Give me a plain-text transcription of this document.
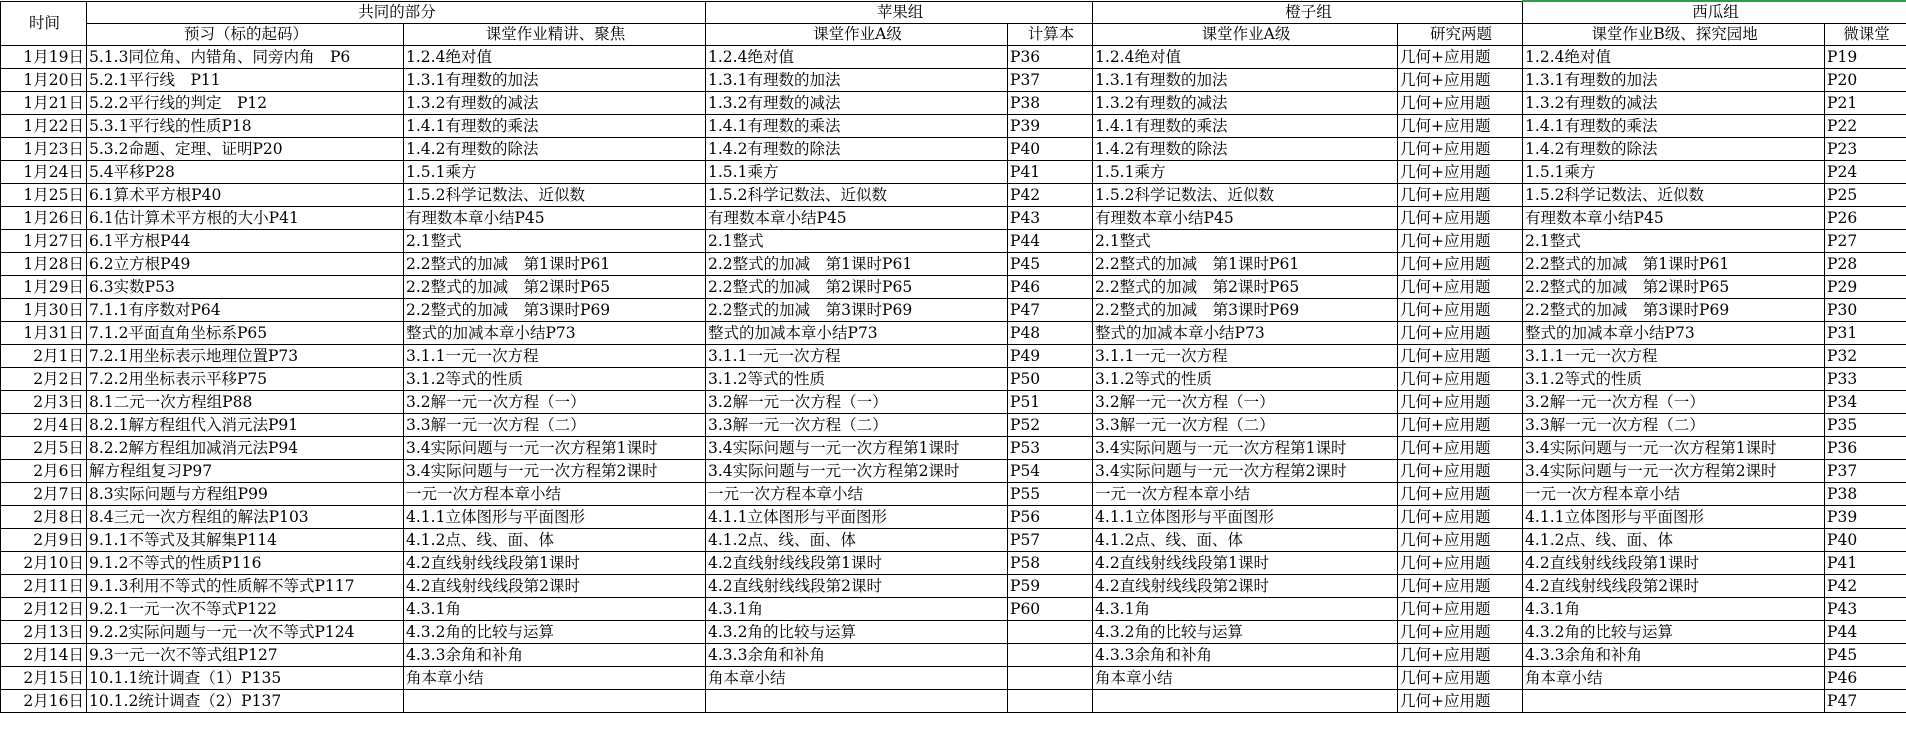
时间	共同的部分		苹果组		橙子组		西瓜组	
	预习（标的起码）	课堂作业精讲、聚焦	课堂作业A级	计算本	课堂作业A级	研究两题	课堂作业B级、探究园地	微课堂
1月19日	5.1.3同位角、内错角、同旁内角　P6	1.2.4绝对值	1.2.4绝对值	P36	1.2.4绝对值	几何+应用题	1.2.4绝对值	P19
1月20日	5.2.1平行线　P11	1.3.1有理数的加法	1.3.1有理数的加法	P37	1.3.1有理数的加法	几何+应用题	1.3.1有理数的加法	P20
1月21日	5.2.2平行线的判定　P12	1.3.2有理数的减法	1.3.2有理数的减法	P38	1.3.2有理数的减法	几何+应用题	1.3.2有理数的减法	P21
1月22日	5.3.1平行线的性质P18	1.4.1有理数的乘法	1.4.1有理数的乘法	P39	1.4.1有理数的乘法	几何+应用题	1.4.1有理数的乘法	P22
1月23日	5.3.2命题、定理、证明P20	1.4.2有理数的除法	1.4.2有理数的除法	P40	1.4.2有理数的除法	几何+应用题	1.4.2有理数的除法	P23
1月24日	5.4平移P28	1.5.1乘方	1.5.1乘方	P41	1.5.1乘方	几何+应用题	1.5.1乘方	P24
1月25日	6.1算术平方根P40	1.5.2科学记数法、近似数	1.5.2科学记数法、近似数	P42	1.5.2科学记数法、近似数	几何+应用题	1.5.2科学记数法、近似数	P25
1月26日	6.1估计算术平方根的大小P41	有理数本章小结P45	有理数本章小结P45	P43	有理数本章小结P45	几何+应用题	有理数本章小结P45	P26
1月27日	6.1平方根P44	2.1整式	2.1整式	P44	2.1整式	几何+应用题	2.1整式	P27
1月28日	6.2立方根P49	2.2整式的加减　第1课时P61	2.2整式的加减　第1课时P61	P45	2.2整式的加减　第1课时P61	几何+应用题	2.2整式的加减　第1课时P61	P28
1月29日	6.3实数P53	2.2整式的加减　第2课时P65	2.2整式的加减　第2课时P65	P46	2.2整式的加减　第2课时P65	几何+应用题	2.2整式的加减　第2课时P65	P29
1月30日	7.1.1有序数对P64	2.2整式的加减　第3课时P69	2.2整式的加减　第3课时P69	P47	2.2整式的加减　第3课时P69	几何+应用题	2.2整式的加减　第3课时P69	P30
1月31日	7.1.2平面直角坐标系P65	整式的加减本章小结P73	整式的加减本章小结P73	P48	整式的加减本章小结P73	几何+应用题	整式的加减本章小结P73	P31
2月1日	7.2.1用坐标表示地理位置P73	3.1.1一元一次方程	3.1.1一元一次方程	P49	3.1.1一元一次方程	几何+应用题	3.1.1一元一次方程	P32
2月2日	7.2.2用坐标表示平移P75	3.1.2等式的性质	3.1.2等式的性质	P50	3.1.2等式的性质	几何+应用题	3.1.2等式的性质	P33
2月3日	8.1二元一次方程组P88	3.2解一元一次方程（一）	3.2解一元一次方程（一）	P51	3.2解一元一次方程（一）	几何+应用题	3.2解一元一次方程（一）	P34
2月4日	8.2.1解方程组代入消元法P91	3.3解一元一次方程（二）	3.3解一元一次方程（二）	P52	3.3解一元一次方程（二）	几何+应用题	3.3解一元一次方程（二）	P35
2月5日	8.2.2解方程组加减消元法P94	3.4实际问题与一元一次方程第1课时	3.4实际问题与一元一次方程第1课时	P53	3.4实际问题与一元一次方程第1课时	几何+应用题	3.4实际问题与一元一次方程第1课时	P36
2月6日	解方程组复习P97	3.4实际问题与一元一次方程第2课时	3.4实际问题与一元一次方程第2课时	P54	3.4实际问题与一元一次方程第2课时	几何+应用题	3.4实际问题与一元一次方程第2课时	P37
2月7日	8.3实际问题与方程组P99	一元一次方程本章小结	一元一次方程本章小结	P55	一元一次方程本章小结	几何+应用题	一元一次方程本章小结	P38
2月8日	8.4三元一次方程组的解法P103	4.1.1立体图形与平面图形	4.1.1立体图形与平面图形	P56	4.1.1立体图形与平面图形	几何+应用题	4.1.1立体图形与平面图形	P39
2月9日	9.1.1不等式及其解集P114	4.1.2点、线、面、体	4.1.2点、线、面、体	P57	4.1.2点、线、面、体	几何+应用题	4.1.2点、线、面、体	P40
2月10日	9.1.2不等式的性质P116	4.2直线射线线段第1课时	4.2直线射线线段第1课时	P58	4.2直线射线线段第1课时	几何+应用题	4.2直线射线线段第1课时	P41
2月11日	9.1.3利用不等式的性质解不等式P117	4.2直线射线线段第2课时	4.2直线射线线段第2课时	P59	4.2直线射线线段第2课时	几何+应用题	4.2直线射线线段第2课时	P42
2月12日	9.2.1一元一次不等式P122	4.3.1角	4.3.1角	P60	4.3.1角	几何+应用题	4.3.1角	P43
2月13日	9.2.2实际问题与一元一次不等式P124	4.3.2角的比较与运算	4.3.2角的比较与运算		4.3.2角的比较与运算	几何+应用题	4.3.2角的比较与运算	P44
2月14日	9.3一元一次不等式组P127	4.3.3余角和补角	4.3.3余角和补角		4.3.3余角和补角	几何+应用题	4.3.3余角和补角	P45
2月15日	10.1.1统计调查（1）P135	角本章小结	角本章小结		角本章小结	几何+应用题	角本章小结	P46
2月16日	10.1.2统计调查（2）P137					几何+应用题		P47
